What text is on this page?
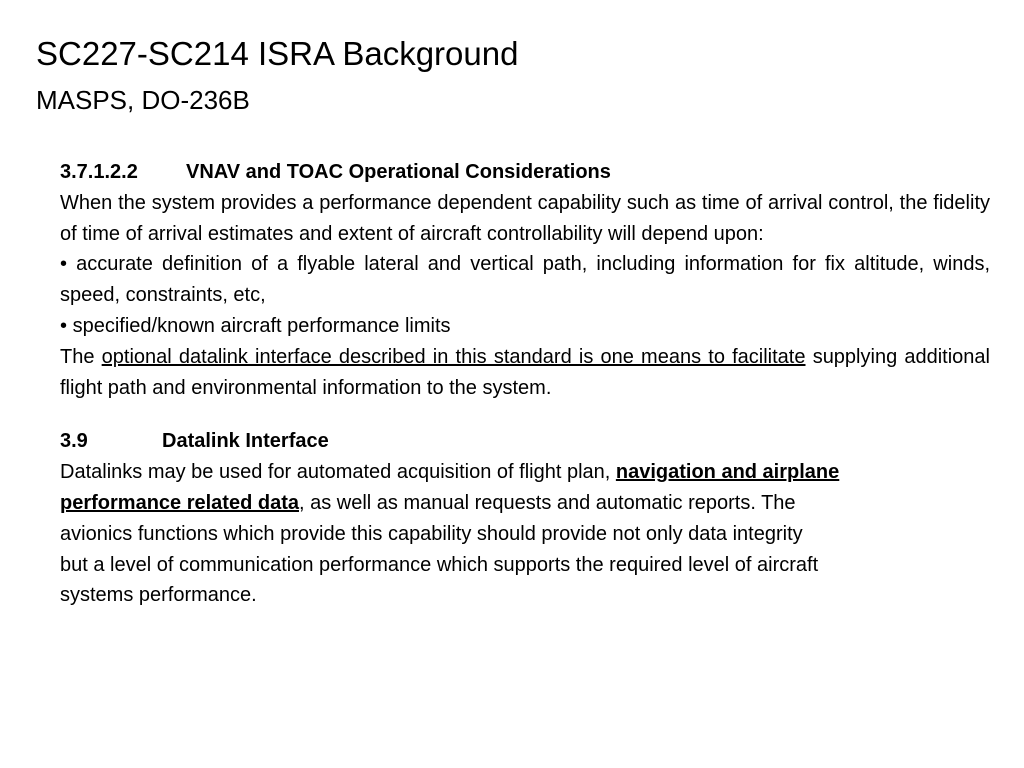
SC227-SC214 ISRA Background
MASPS, DO-236B
3.7.1.2.2 VNAV and TOAC Operational Considerations

When the system provides a performance dependent capability such as time of arrival control, the fidelity of time of arrival estimates and extent of aircraft controllability will depend upon:

• accurate definition of a flyable lateral and vertical path, including information for fix altitude, winds, speed, constraints, etc,

• specified/known aircraft performance limits

The optional datalink interface described in this standard is one means to facilitate supplying additional flight path and environmental information to the system.

3.9	Datalink Interface
Datalinks may be used for automated acquisition of flight plan, navigation and airplane
performance related data, as well as manual requests and automatic reports. The
avionics functions which provide this capability should provide not only data integrity
but a level of communication performance which supports the required level of aircraft
systems performance.
